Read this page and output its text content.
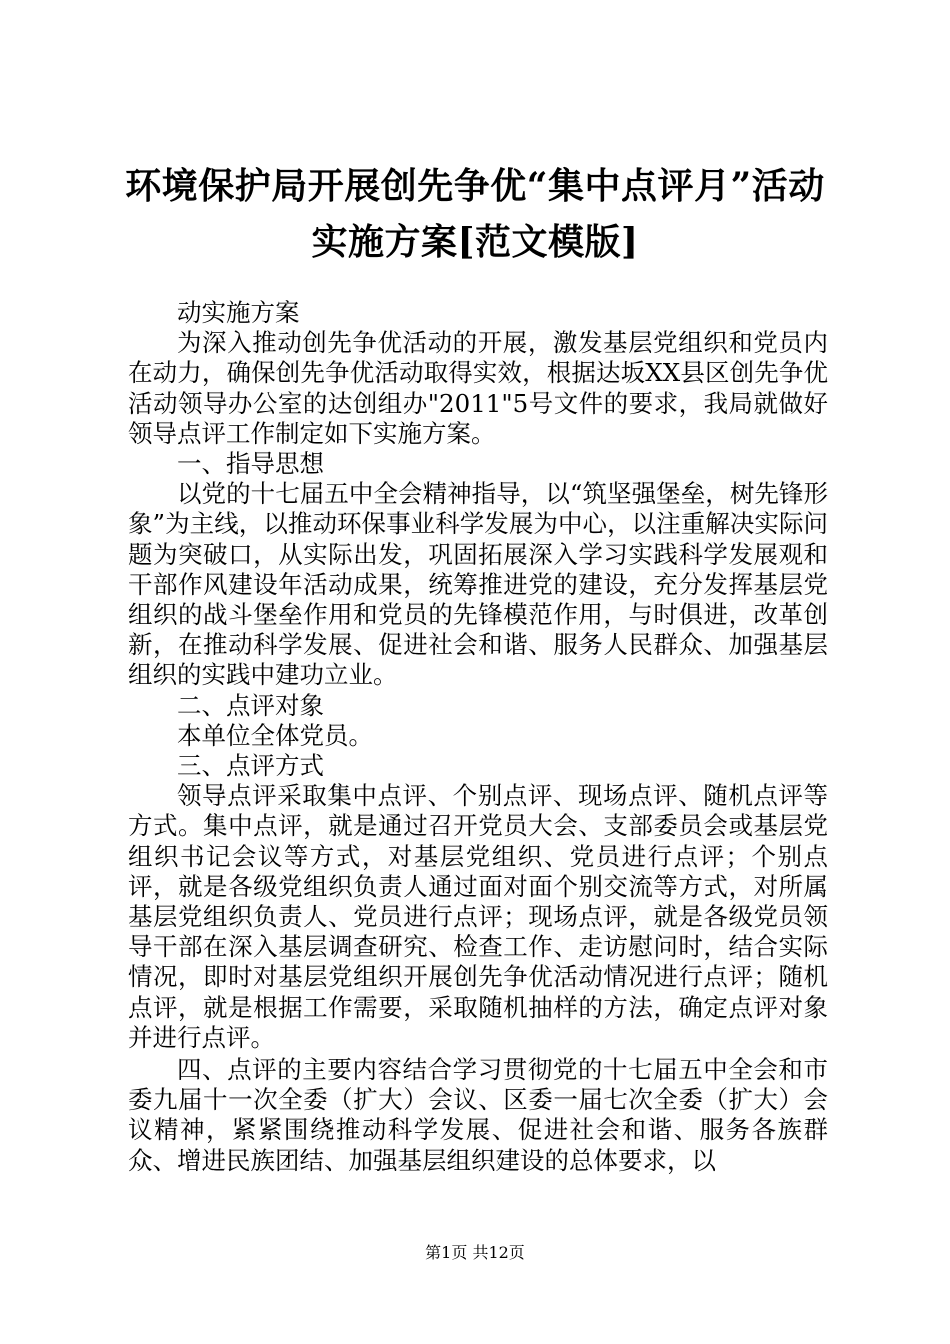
环境保护局开展创先争优“集中点评月”活动
实施方案[范文模版]

动实施方案

为深入推动创先争优活动的开展，激发基层党组织和党员内在动力，确保创先争优活动取得实效，根据达坂XX县区创先争优活动领导办公室的达创组办"2011"5号文件的要求，我局就做好领导点评工作制定如下实施方案。

一、指导思想

以党的十七届五中全会精神指导，以“筑坚强堡垒，树先锋形象”为主线，以推动环保事业科学发展为中心，以注重解决实际问题为突破口，从实际出发，巩固拓展深入学习实践科学发展观和干部作风建设年活动成果，统筹推进党的建设，充分发挥基层党组织的战斗堡垒作用和党员的先锋模范作用，与时俱进，改革创新，在推动科学发展、促进社会和谐、服务人民群众、加强基层组织的实践中建功立业。

二、点评对象

本单位全体党员。

三、点评方式

领导点评采取集中点评、个别点评、现场点评、随机点评等方式。集中点评，就是通过召开党员大会、支部委员会或基层党组织书记会议等方式，对基层党组织、党员进行点评；个别点评，就是各级党组织负责人通过面对面个别交流等方式，对所属基层党组织负责人、党员进行点评；现场点评，就是各级党员领导干部在深入基层调查研究、检查工作、走访慰问时，结合实际情况，即时对基层党组织开展创先争优活动情况进行点评；随机点评，就是根据工作需要，采取随机抽样的方法，确定点评对象并进行点评。

四、点评的主要内容结合学习贯彻党的十七届五中全会和市委九届十一次全委（扩大）会议、区委一届七次全委（扩大）会议精神，紧紧围绕推动科学发展、促进社会和谐、服务各族群众、增进民族团结、加强基层组织建设的总体要求，以

第1页 共12页
